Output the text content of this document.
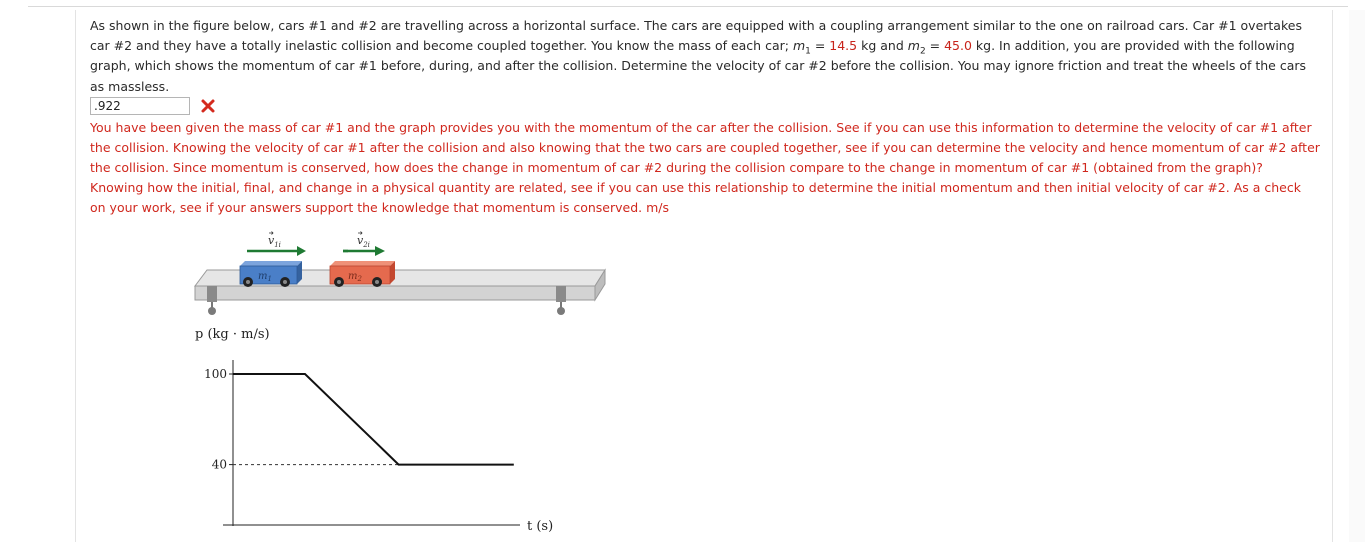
As shown in the figure below, cars #1 and #2 are travelling across a horizontal surface. The cars are equipped with a coupling arrangement similar to the one on railroad cars. Car #1 overtakes car #2 and they have a totally inelastic collision and become coupled together. You know the mass of each car; $m_1 = 14.5$ kg and $m_2 = 45.0$ kg. In addition, you are provided with the following graph, which shows the momentum of car #1 before, during, and after the collision. Determine the velocity of car #2 before the collision. You may ignore friction and treat the wheels of the cars as massless.

.922

You have been given the mass of car #1 and the graph provides you with the momentum of the car after the collision. See if you can use this information to determine the velocity of car #1 after the collision. Knowing the velocity of car #1 after the collision and also knowing that the two cars are coupled together, see if you can determine the velocity and hence momentum of car #2 after the collision. Since momentum is conserved, how does the change in momentum of car #2 during the collision compare to the change in momentum of car #1 (obtained from the graph)? Knowing how the initial, final, and change in a physical quantity are related, see if you can use this relationship to determine the initial momentum and then initial velocity of car #2. As a check on your work, see if your answers support the knowledge that momentum is conserved. m/s

$v_{1i}$	$v_{2i}$
$m_1$	$m_2$
p (kg · m/s)
t (s)
100
40
